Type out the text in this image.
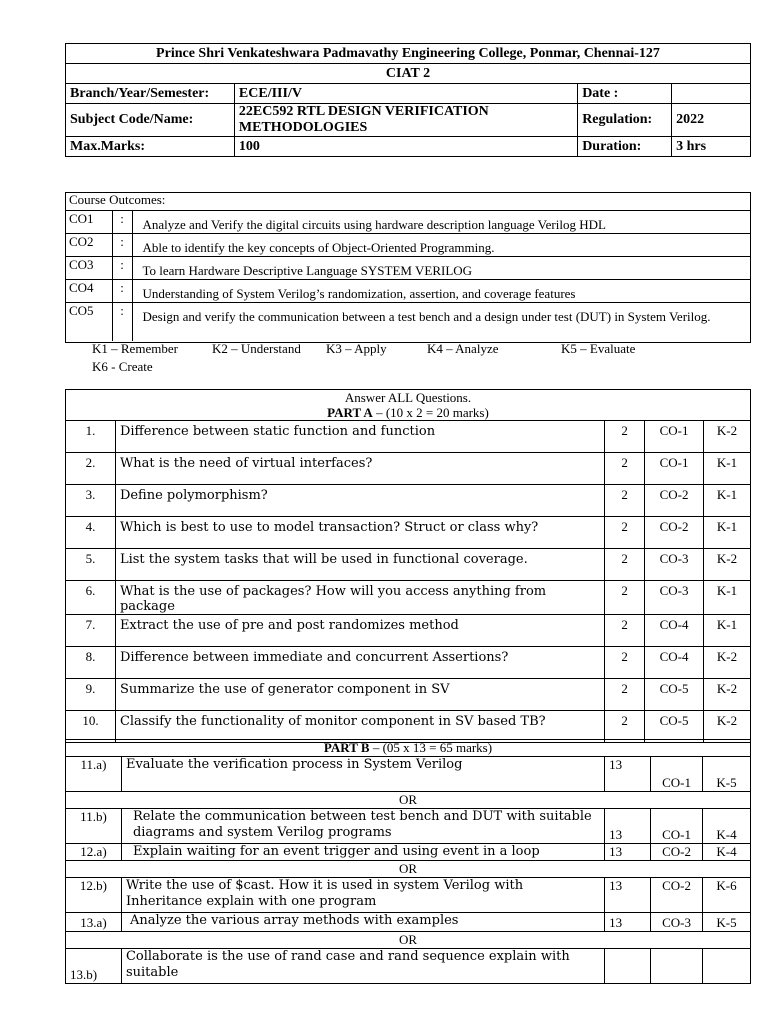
Prince Shri Venkateshwara Padmavathy Engineering College, Ponmar, Chennai-127			
CIAT 2			
Branch/Year/Semester:	ECE/III/V	Date :	
Subject Code/Name:	22EC592 RTL DESIGN VERIFICATION METHODOLOGIES	Regulation:	2022
Max.Marks:	100	Duration:	3 hrs
Course Outcomes:		
CO1	:	Analyze and Verify the digital circuits using hardware description language Verilog HDL
CO2	:	Able to identify the key concepts of Object-Oriented Programming.
CO3	:	To learn Hardware Descriptive Language SYSTEM VERILOG
CO4	:	Understanding of System Verilog’s randomization, assertion, and coverage features
CO5	:	Design and verify the communication between a test bench and a design under test (DUT) in System Verilog.
K1 – Remember	K2 – Understand K3 – Apply	K4 – Analyze	K5 – EvaluateK6 - Create
Answer ALL Questions.				
PART A – (10 x 2 = 20 marks)				
1.	Difference between static function and function	2	CO-1	K-2
2.	What is the need of virtual interfaces?	2	CO-1	K-1
3.	Define polymorphism?	2	CO-2	K-1
4.	Which is best to use to model transaction? Struct or class why?	2	CO-2	K-1
5.	List the system tasks that will be used in functional coverage.	2	CO-3	K-2
6.	What is the use of packages? How will you access anything from package	2	CO-3	K-1
7.	Extract the use of pre and post randomizes method	2	CO-4	K-1
8.	Difference between immediate and concurrent Assertions?	2	CO-4	K-2
9.	Summarize the use of generator component in SV	2	CO-5	K-2
10.	Classify the functionality of monitor component in SV based TB?	2	CO-5	K-2
PART B – (05 x 13 = 65 marks)				
11.a)	Evaluate the verification process in System Verilog	13	CO-1	K-5
OR				
11.b)	Relate the communication between test bench and DUT with suitable diagrams and system Verilog programs	13	CO-1	K-4
12.a)	Explain waiting for an event trigger and using event in a loop	13	CO-2	K-4
OR				
12.b)	Write the use of $cast. How it is used in system Verilog with Inheritance explain with one program	13	CO-2	K-6
13.a)	Analyze the various array methods with examples	13	CO-3	K-5
OR				
13.b)	Collaborate is the use of rand case and rand sequence explain with suitable			
